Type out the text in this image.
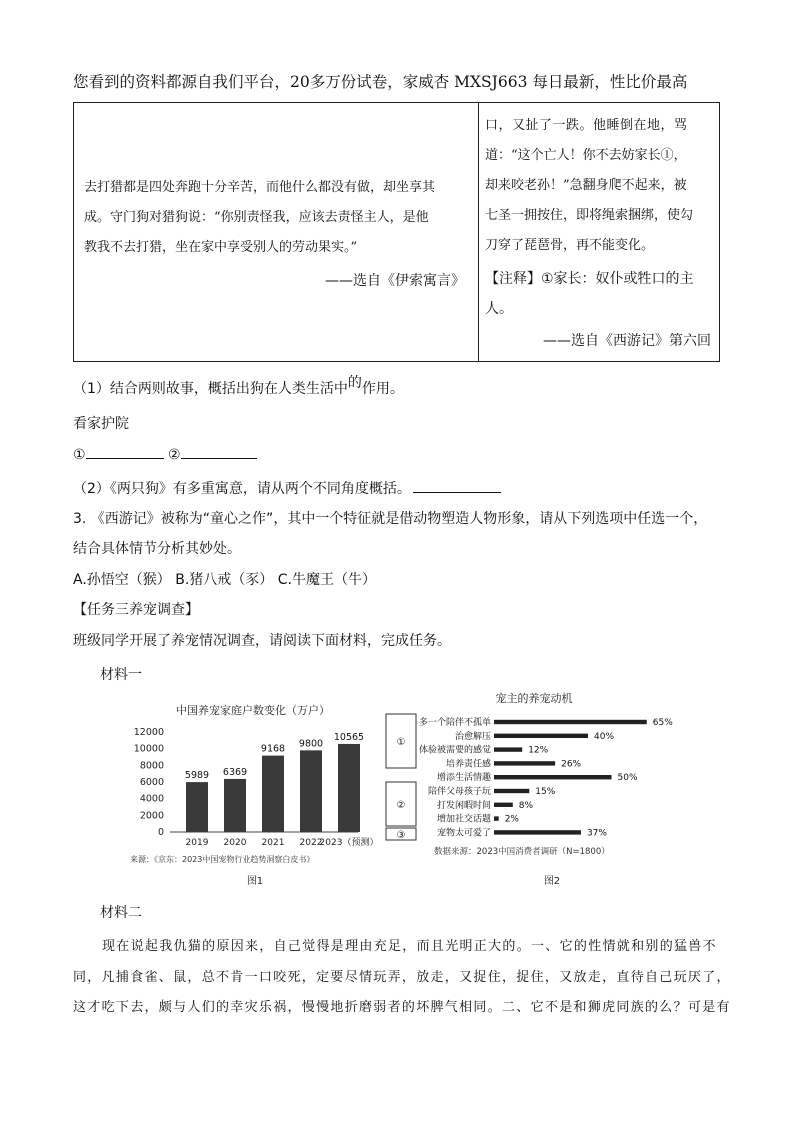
您看到的资料都源自我们平台，20多万份试卷，家威杏 MXSJ663 每日最新，性比价最高
去打猎都是四处奔跑十分辛苦，而他什么都没有做，却坐享其
成。守门狗对猎狗说：“你别责怪我，应该去责怪主人，是他
教我不去打猎，坐在家中享受别人的劳动果实。”
——选自《伊索寓言》
口，又扯了一跌。他睡倒在地，骂
道：“这个亡人！你不去妨家长①，
却来咬老孙！”急翻身爬不起来，被
七圣一拥按住，即将绳索捆绑，使勾
刀穿了琵琶骨，再不能变化。
【注释】①家长：奴仆或牲口的主
人。
——选自《西游记》第六回
（1）结合两则故事，概括出狗在人类生活中的作用。
看家护院
①	②
（2）《两只狗》有多重寓意，请从两个不同角度概括。
3. 《西游记》被称为“童心之作”，其中一个特征就是借动物塑造人物形象，请从下列选项中任选一个，
结合具体情节分析其妙处。
A.孙悟空（猴） B.猪八戒（豕） C.牛魔王（牛）
【任务三养宠调查】
班级同学开展了养宠情况调查，请阅读下面材料，完成任务。
材料一
中国养宠家庭户数变化（万户）
0
2000
4000
6000
8000
10000
12000
5989
2019
6369
2020
9168
2021
9800
2022
10565
2023（预测）
来源：《京东：2023中国宠物行业趋势洞察白皮书》
图1
宠主的养宠动机
①
②
③
多一个陪伴不孤单	65%
治愈解压	40%
体验被需要的感觉	12%
培养责任感	26%
增添生活情趣	50%
陪伴父母孩子玩	15%
打发闲暇时间	8%
增加社交话题 2%
宠物太可爱了	37%
数据来源：2023中国消费者调研（N=1800）
图2
材料二
现在说起我仇猫的原因来，自己觉得是理由充足，而且光明正大的。一、它的性情就和别的猛兽不
同，凡捕食雀、鼠，总不肯一口咬死，定要尽情玩弄，放走，又捉住，捉住，又放走，直待自己玩厌了，
这才吃下去，颇与人们的幸灾乐祸，慢慢地折磨弱者的坏脾气相同。二、它不是和狮虎同族的么？可是有
